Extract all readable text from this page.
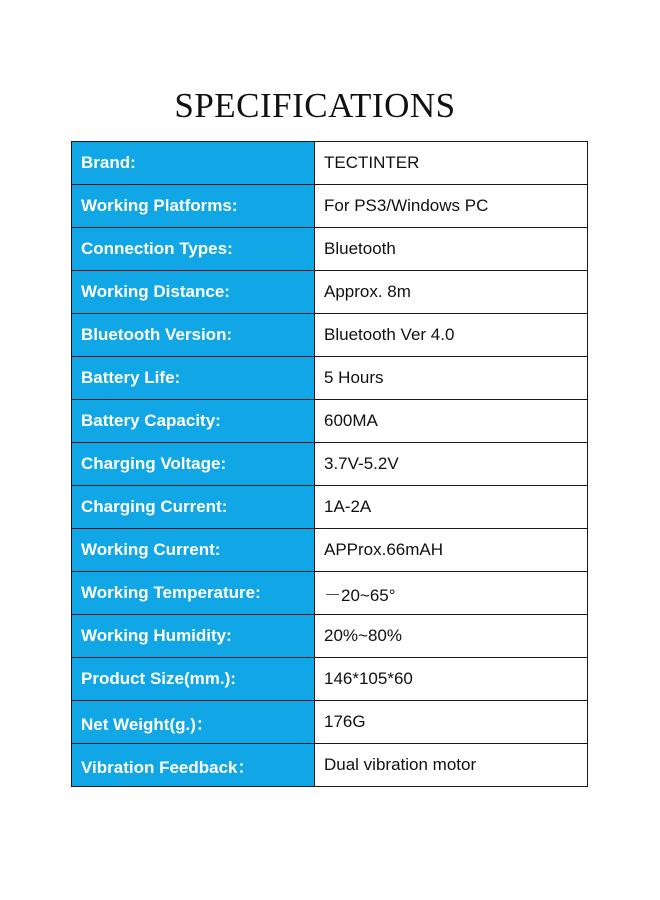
SPECIFICATIONS
Brand:	TECTINTER
Working Platforms:	For PS3/Windows PC
Connection Types:	Bluetooth
Working Distance:	Approx. 8m
Bluetooth Version:	Bluetooth Ver 4.0
Battery Life:	5 Hours
Battery Capacity:	600MA
Charging Voltage:	3.7V-5.2V
Charging Current:	1A-2A
Working Current:	APProx.66mAH
Working Temperature:	－20~65°
Working Humidity:	20%~80%
Product Size(mm.):	146*105*60
Net Weight(g.)：	176G
Vibration Feedback：	Dual vibration motor
